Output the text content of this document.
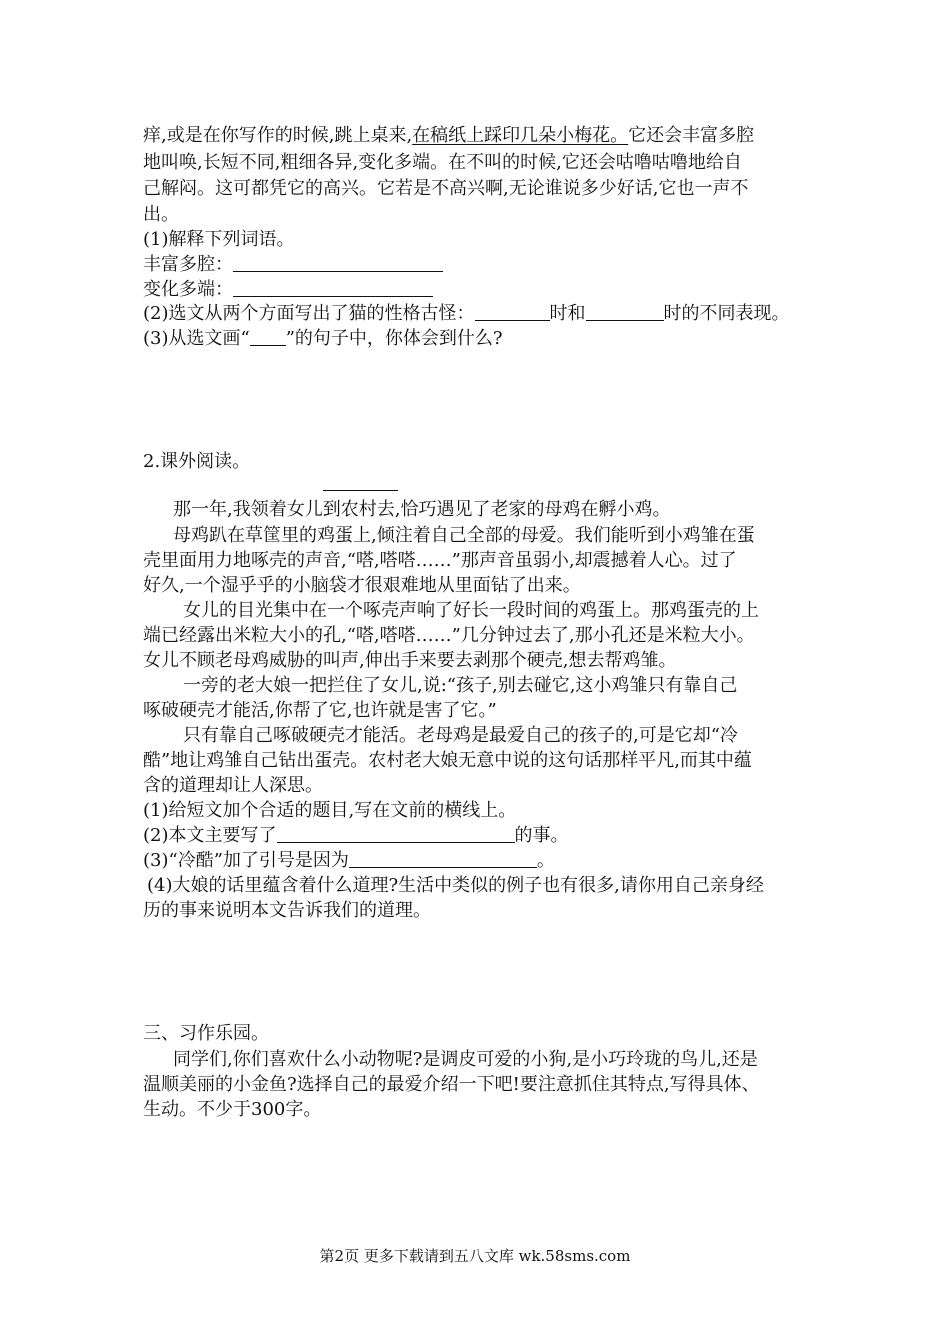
痒,或是在你写作的时候,跳上桌来,在稿纸上踩印几朵小梅花。它还会丰富多腔
地叫唤,长短不同,粗细各异,变化多端。在不叫的时候,它还会咕噜咕噜地给自
己解闷。这可都凭它的高兴。它若是不高兴啊,无论谁说多少好话,它也一声不
出。
(1)解释下列词语。
丰富多腔：
变化多端：
(2)选文从两个方面写出了猫的性格古怪：	时和	时的不同表现。
(3)从选文画“ ”的句子中，你体会到什么?
2.课外阅读。
那一年,我领着女儿到农村去,恰巧遇见了老家的母鸡在孵小鸡。
母鸡趴在草筐里的鸡蛋上,倾注着自己全部的母爱。我们能听到小鸡雏在蛋
壳里面用力地啄壳的声音,“嗒,嗒嗒……”那声音虽弱小,却震撼着人心。过了
好久,一个湿乎乎的小脑袋才很艰难地从里面钻了出来。
女儿的目光集中在一个啄壳声响了好长一段时间的鸡蛋上。那鸡蛋壳的上
端已经露出米粒大小的孔,“嗒,嗒嗒……”几分钟过去了,那小孔还是米粒大小。
女儿不顾老母鸡威胁的叫声,伸出手来要去剥那个硬壳,想去帮鸡雏。
一旁的老大娘一把拦住了女儿,说:“孩子,别去碰它,这小鸡雏只有靠自己
啄破硬壳才能活,你帮了它,也许就是害了它。”
只有靠自己啄破硬壳才能活。老母鸡是最爱自己的孩子的,可是它却“冷
酷”地让鸡雏自己钻出蛋壳。农村老大娘无意中说的这句话那样平凡,而其中蕴
含的道理却让人深思。
(1)给短文加个合适的题目,写在文前的横线上。
(2)本文主要写了	的事。
(3)“冷酷”加了引号是因为	。
(4)大娘的话里蕴含着什么道理?生活中类似的例子也有很多,请你用自己亲身经
历的事来说明本文告诉我们的道理。
三、习作乐园。
同学们,你们喜欢什么小动物呢?是调皮可爱的小狗,是小巧玲珑的鸟儿,还是
温顺美丽的小金鱼?选择自己的最爱介绍一下吧!要注意抓住其特点,写得具体、
生动。不少于300字。
第2页 更多下载请到五八文库 wk.58sms.com
